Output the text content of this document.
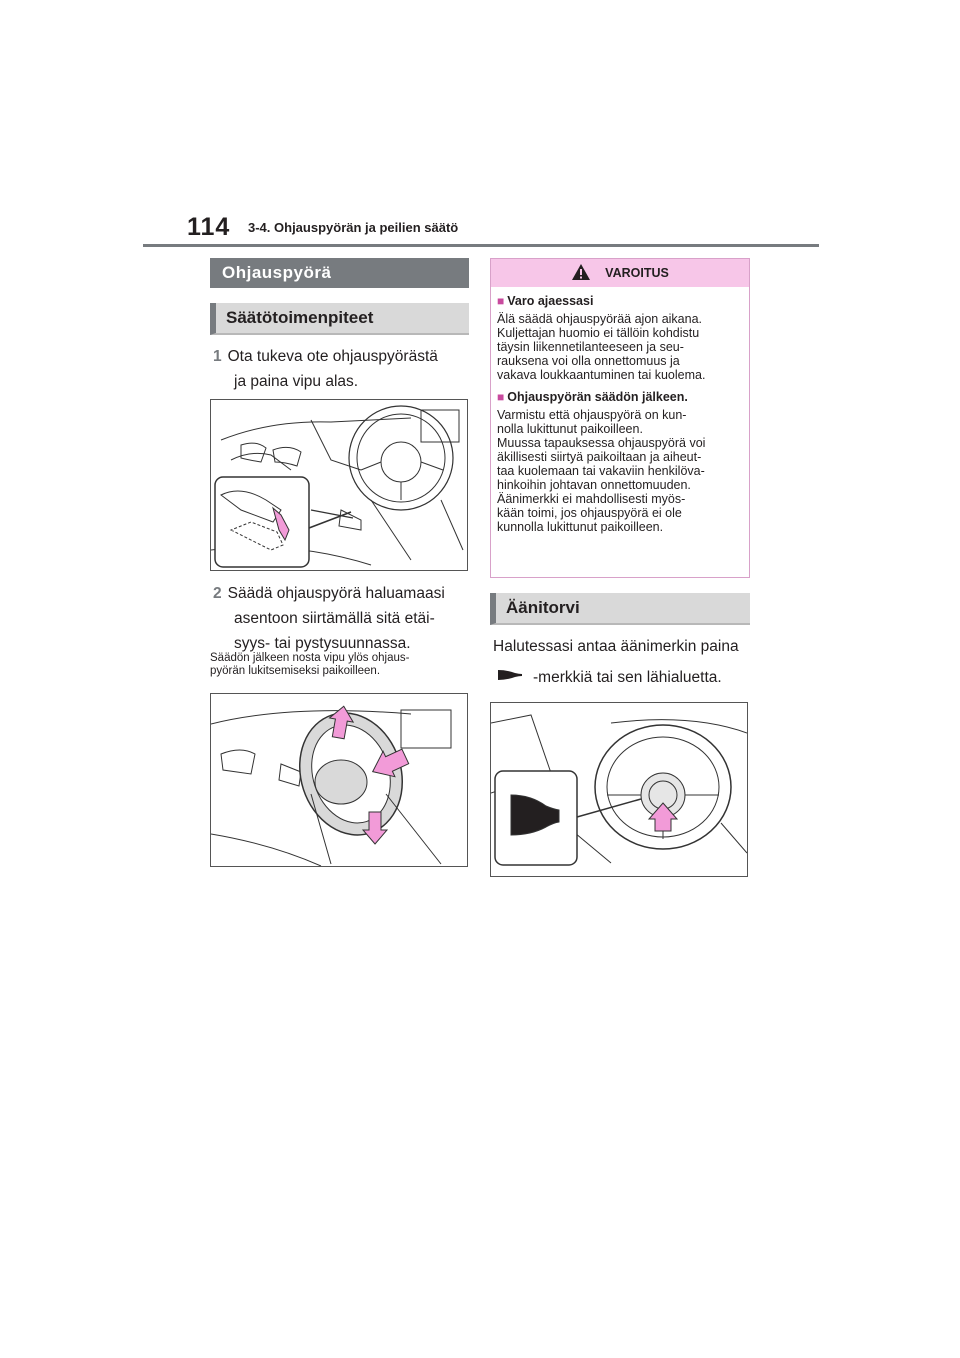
114 3-4. Ohjauspyörän ja peilien säätö
Ohjauspyörä
Säätötoimenpiteet
1 Ota tukeva ote ohjauspyörästä
ja paina vipu alas.
2 Säädä ohjauspyörä haluamaasi
asentoon siirtämällä sitä etäi-
syys- tai pystysuunnassa.
Säädön jälkeen nosta vipu ylös ohjaus-
pyörän lukitsemiseksi paikoilleen.
VAROITUS
■ Varo ajaessasi
Älä säädä ohjauspyörää ajon aikana.
Kuljettajan huomio ei tällöin kohdistu
täysin liikennetilanteeseen ja seu-
rauksena voi olla onnettomuus ja
vakava loukkaantuminen tai kuolema.
■ Ohjauspyörän säädön jälkeen.
Varmistu että ohjauspyörä on kun-
nolla lukittunut paikoilleen.
Muussa tapauksessa ohjauspyörä voi
äkillisesti siirtyä paikoiltaan ja aiheut-
taa kuolemaan tai vakaviin henkilöva-
hinkoihin johtavan onnettomuuden.
Äänimerkki ei mahdollisesti myös-
kään toimi, jos ohjauspyörä ei ole
kunnolla lukittunut paikoilleen.
Äänitorvi
Halutessasi antaa äänimerkin paina
-merkkiä tai sen lähialuetta.
